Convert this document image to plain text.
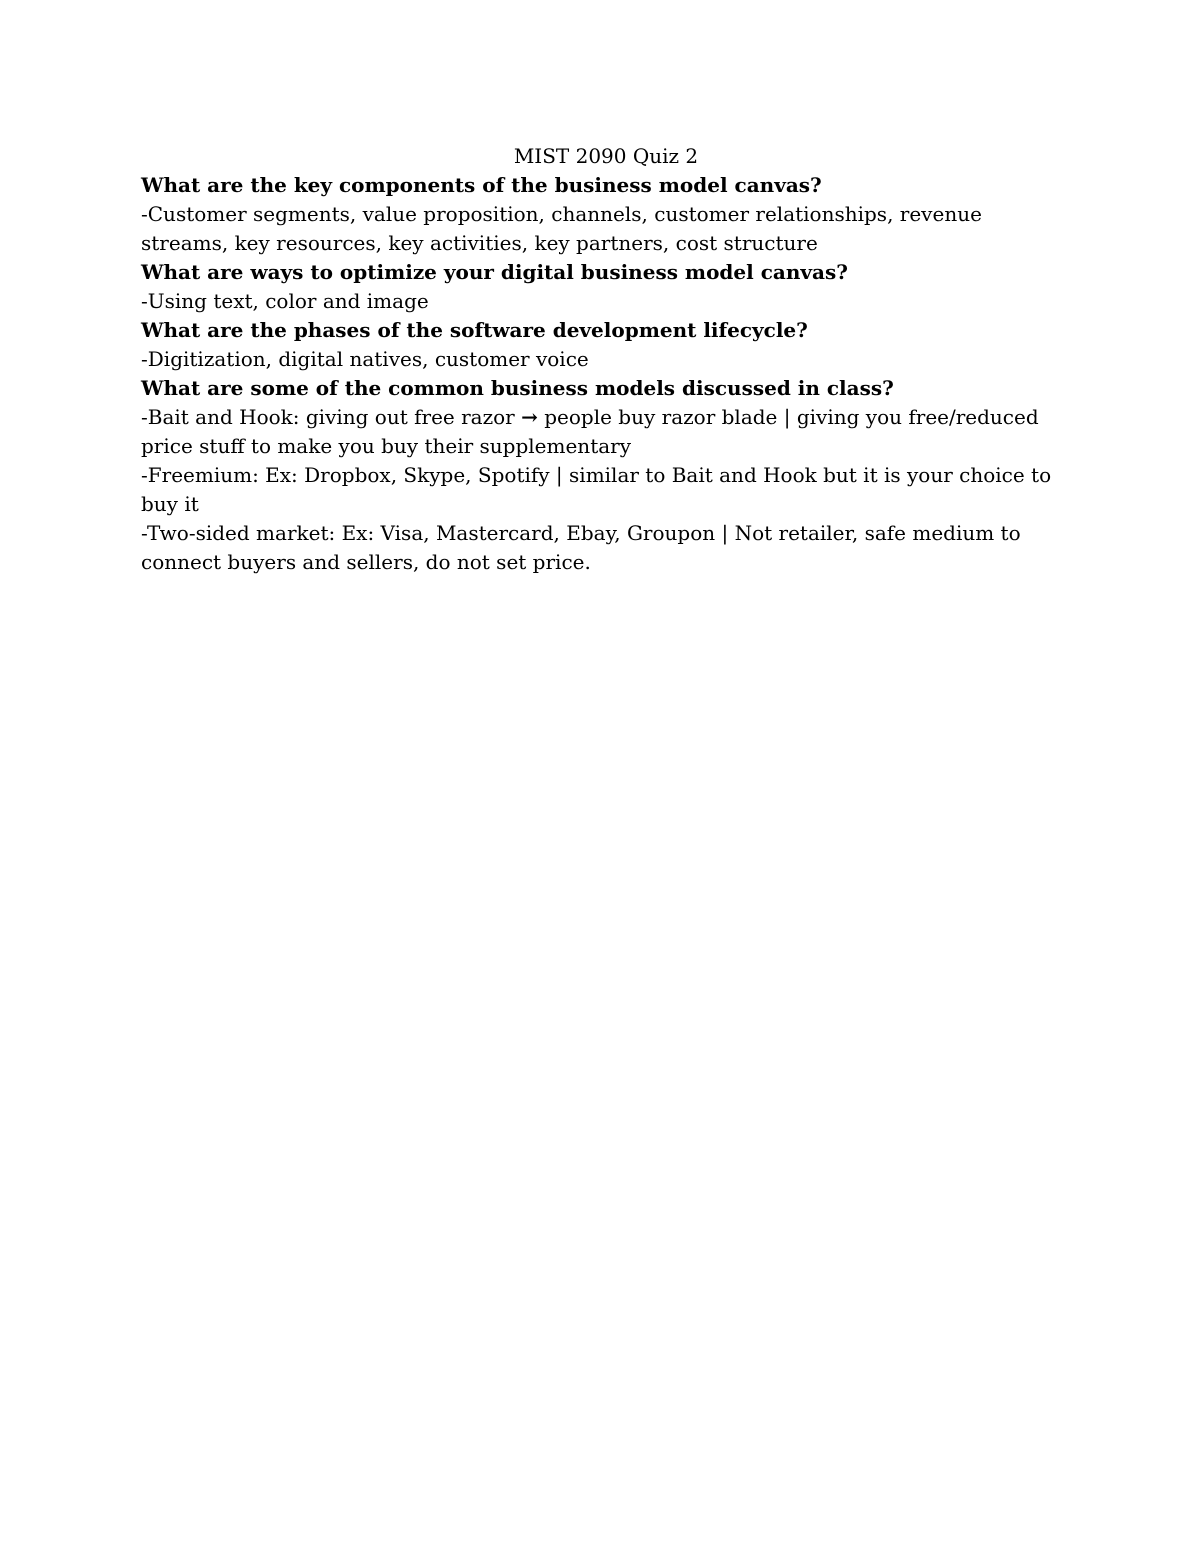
MIST 2090 Quiz 2

What are the key components of the business model canvas?

-Customer segments, value proposition, channels, customer relationships, revenue streams, key resources, key activities, key partners, cost structure

What are ways to optimize your digital business model canvas?

-Using text, color and image

What are the phases of the software development lifecycle?

-Digitization, digital natives, customer voice

What are some of the common business models discussed in class?

-Bait and Hook: giving out free razor → people buy razor blade | giving you free/reduced price stuff to make you buy their supplementary

-Freemium: Ex: Dropbox, Skype, Spotify | similar to Bait and Hook but it is your choice to buy it

-Two-sided market: Ex: Visa, Mastercard, Ebay, Groupon | Not retailer, safe medium to connect buyers and sellers, do not set price.
